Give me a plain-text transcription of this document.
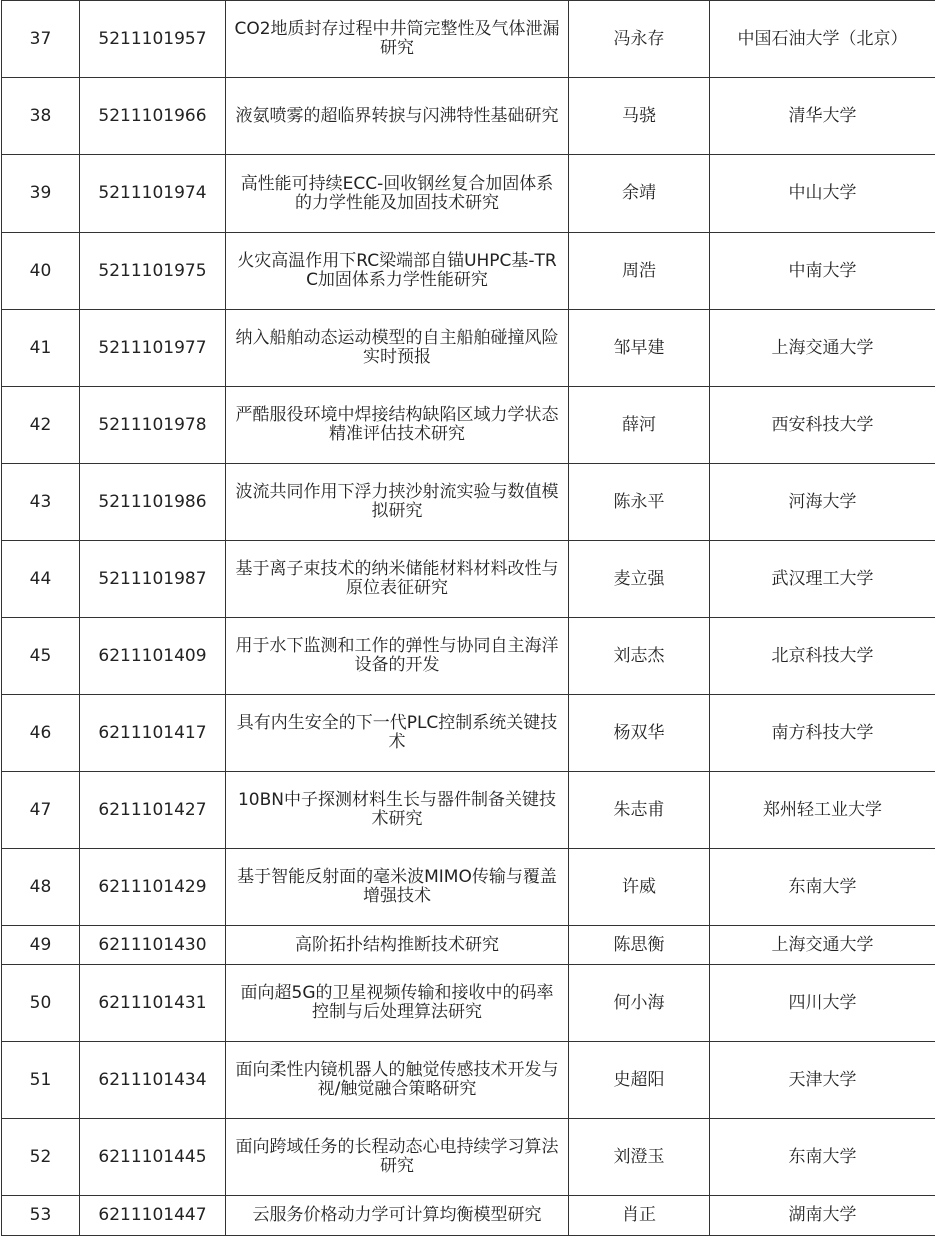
37	5211101957	CO2地质封存过程中井筒完整性及气体泄漏研究	冯永存	中国石油大学（北京）
38	5211101966	液氨喷雾的超临界转捩与闪沸特性基础研究	马骁	清华大学
39	5211101974	高性能可持续ECC-回收钢丝复合加固体系的力学性能及加固技术研究	余靖	中山大学
40	5211101975	火灾高温作用下RC梁端部自锚UHPC基-TRC加固体系力学性能研究	周浩	中南大学
41	5211101977	纳入船舶动态运动模型的自主船舶碰撞风险实时预报	邹早建	上海交通大学
42	5211101978	严酷服役环境中焊接结构缺陷区域力学状态精准评估技术研究	薛河	西安科技大学
43	5211101986	波流共同作用下浮力挟沙射流实验与数值模拟研究	陈永平	河海大学
44	5211101987	基于离子束技术的纳米储能材料材料改性与原位表征研究	麦立强	武汉理工大学
45	6211101409	用于水下监测和工作的弹性与协同自主海洋设备的开发	刘志杰	北京科技大学
46	6211101417	具有内生安全的下一代PLC控制系统关键技术	杨双华	南方科技大学
47	6211101427	10BN中子探测材料生长与器件制备关键技术研究	朱志甫	郑州轻工业大学
48	6211101429	基于智能反射面的毫米波MIMO传输与覆盖增强技术	许威	东南大学
49	6211101430	高阶拓扑结构推断技术研究	陈思衡	上海交通大学
50	6211101431	面向超5G的卫星视频传输和接收中的码率控制与后处理算法研究	何小海	四川大学
51	6211101434	面向柔性内镜机器人的触觉传感技术开发与视/触觉融合策略研究	史超阳	天津大学
52	6211101445	面向跨域任务的长程动态心电持续学习算法研究	刘澄玉	东南大学
53	6211101447	云服务价格动力学可计算均衡模型研究	肖正	湖南大学
